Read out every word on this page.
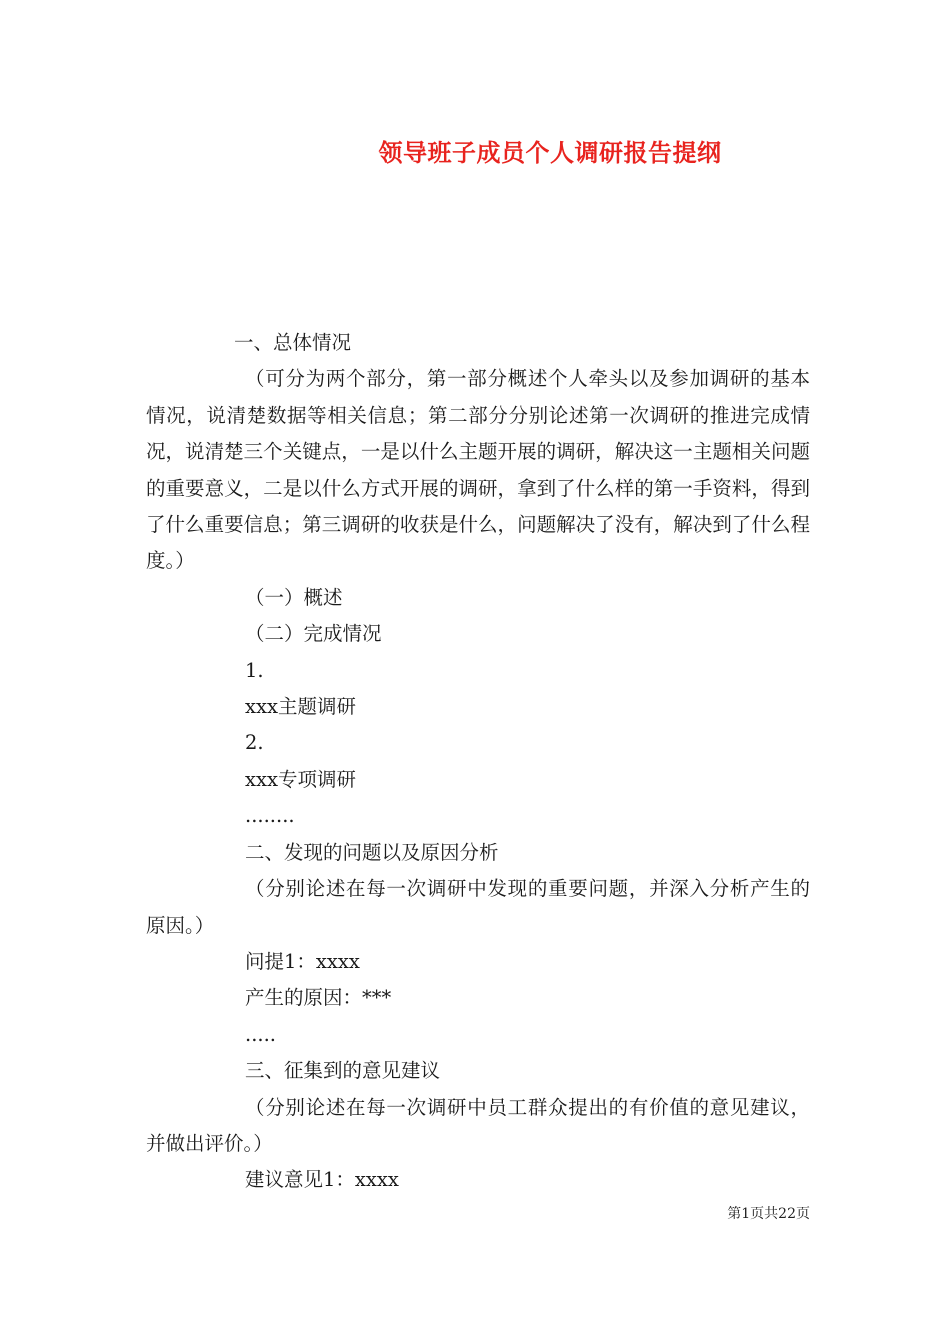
领导班子成员个人调研报告提纲

一、总体情况

（可分为两个部分，第一部分概述个人牵头以及参加调研的基本情况，说清楚数据等相关信息；第二部分分别论述第一次调研的推进完成情况，说清楚三个关键点，一是以什么主题开展的调研，解决这一主题相关问题的重要意义，二是以什么方式开展的调研，拿到了什么样的第一手资料，得到了什么重要信息；第三调研的收获是什么，问题解决了没有，解决到了什么程度。）

（一）概述

（二）完成情况

1.

xxx主题调研

2.

xxx专项调研

........

二、发现的问题以及原因分析

（分别论述在每一次调研中发现的重要问题，并深入分析产生的原因。）

问提1：xxxx

产生的原因：***

.....

三、征集到的意见建议

（分别论述在每一次调研中员工群众提出的有价值的意见建议，并做出评价。）

建议意见1：xxxx

第1页共22页
